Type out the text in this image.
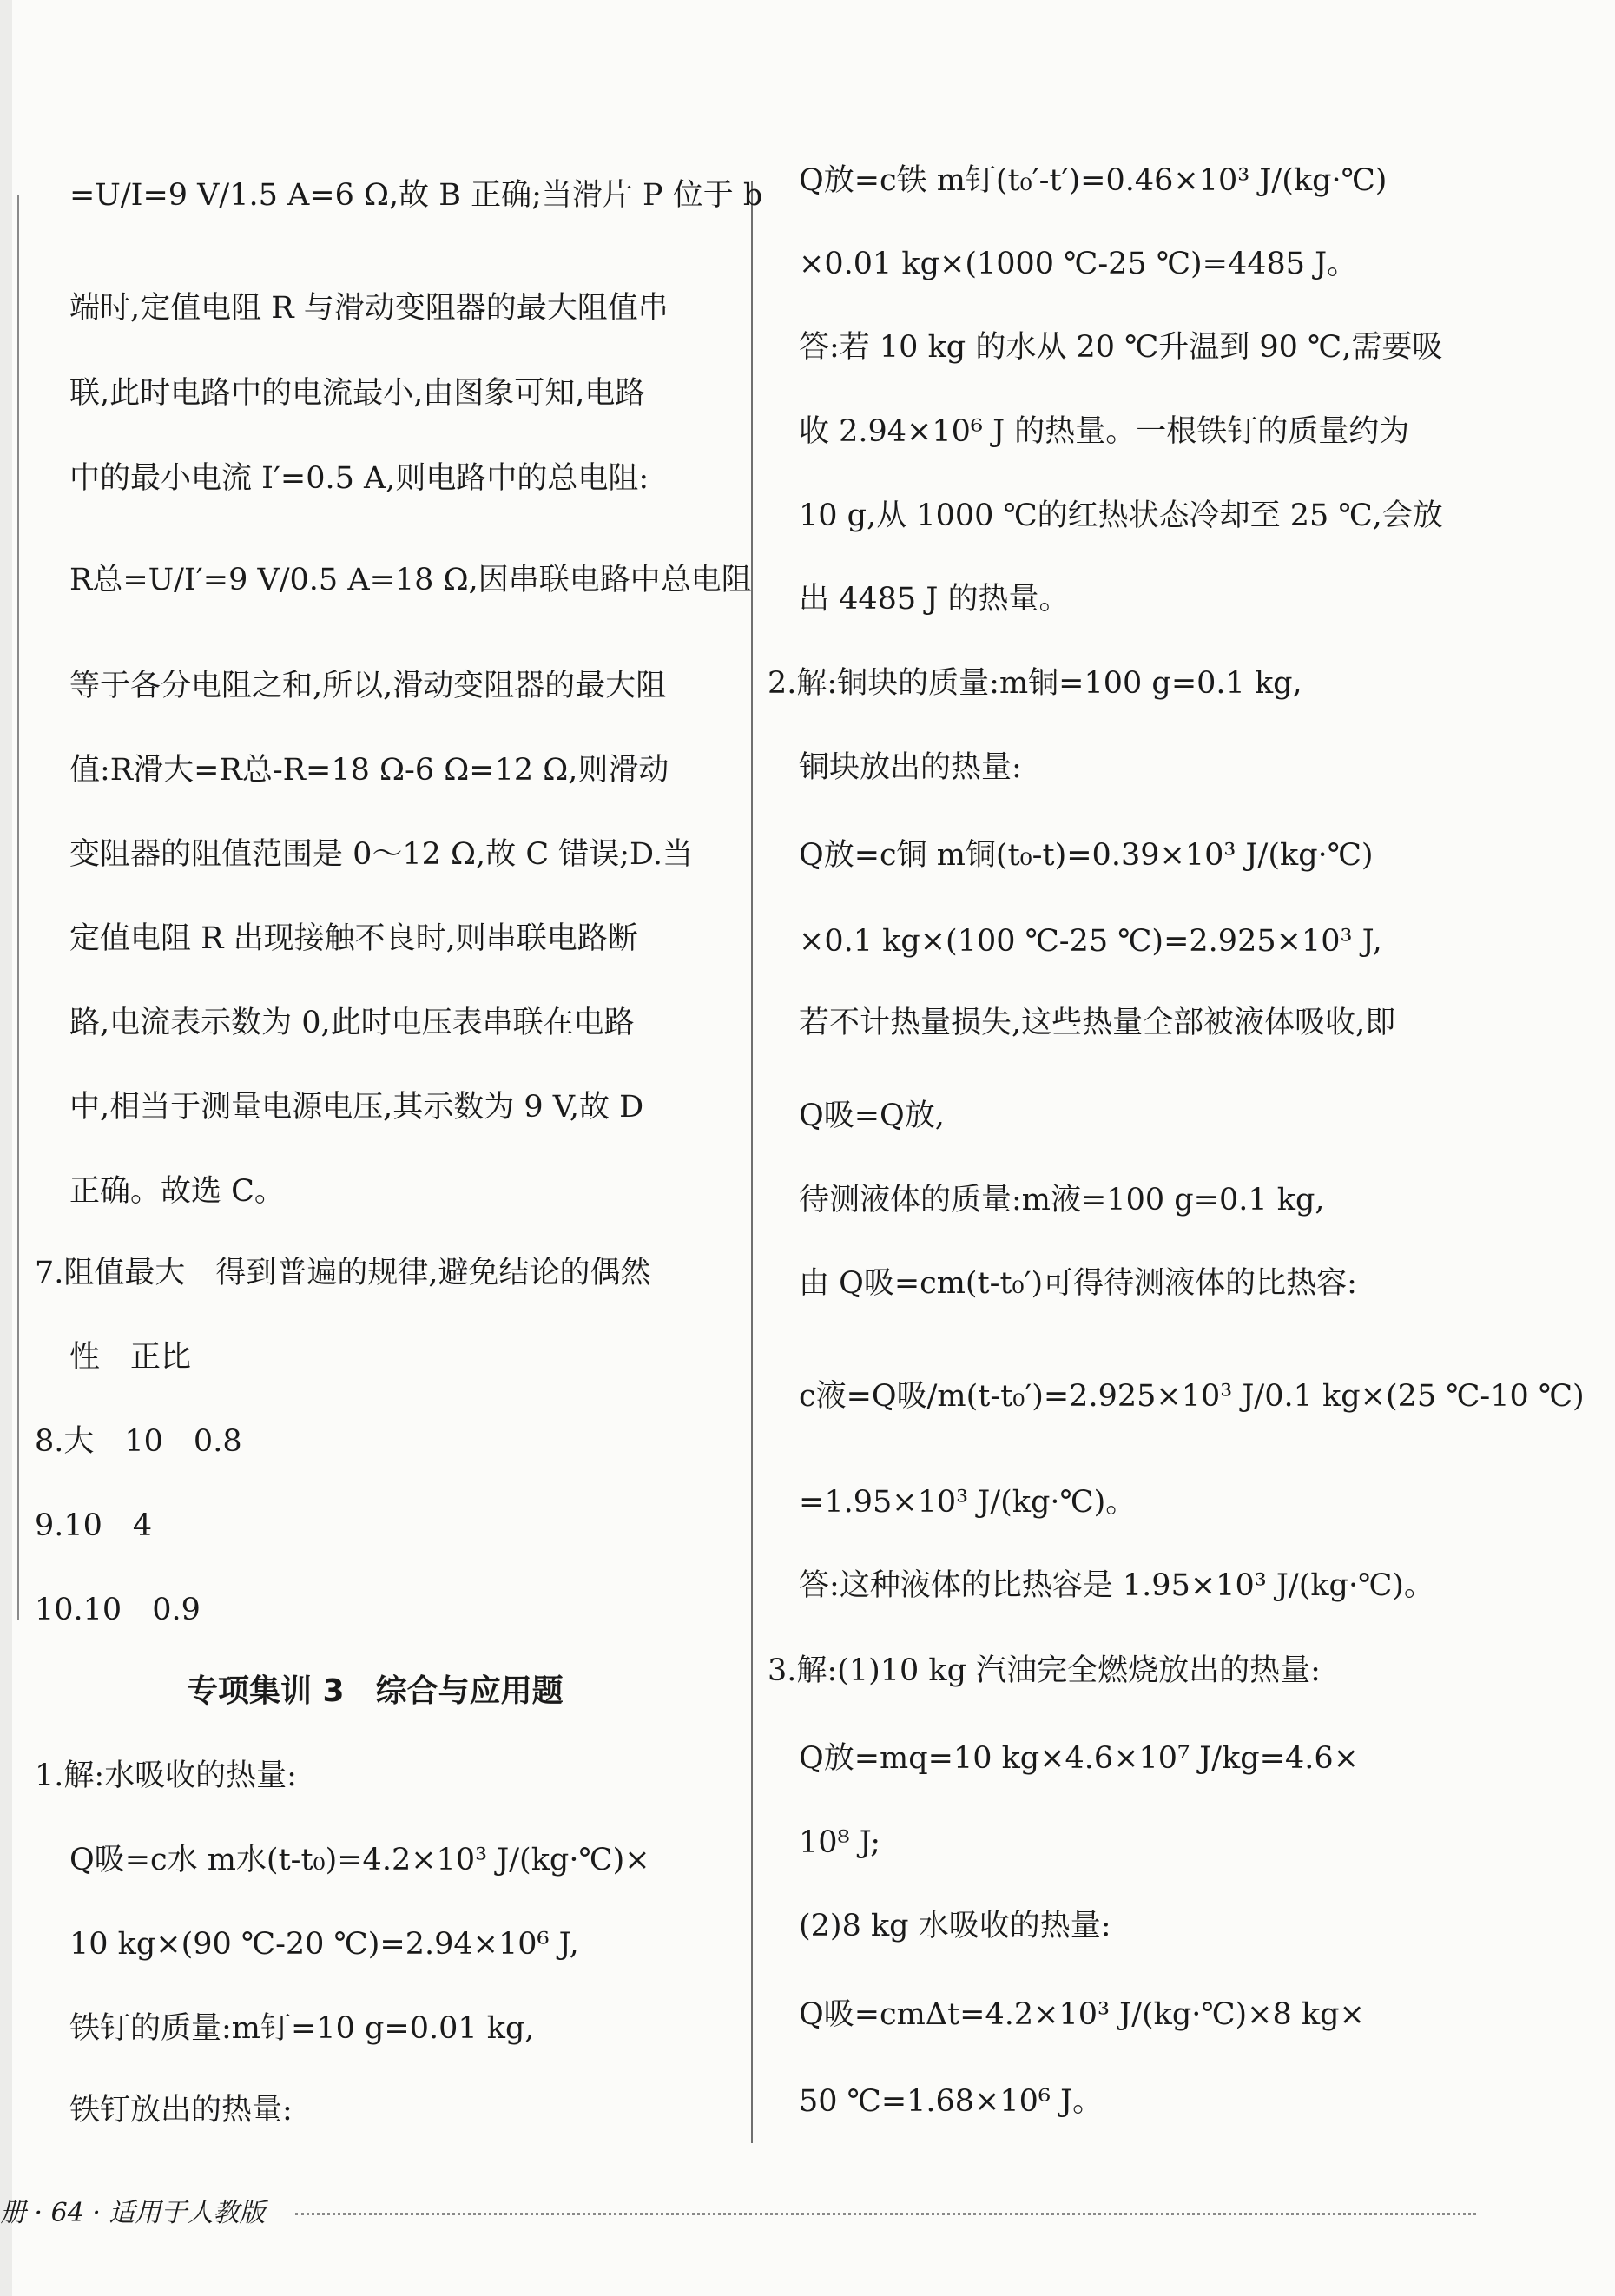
=U/I=9 V/1.5 A=6 Ω,故 B 正确;当滑片 P 位于 b
端时,定值电阻 R 与滑动变阻器的最大阻值串
联,此时电路中的电流最小,由图象可知,电路
中的最小电流 I′=0.5 A,则电路中的总电阻:
R总=U/I′=9 V/0.5 A=18 Ω,因串联电路中总电阻
等于各分电阻之和,所以,滑动变阻器的最大阻
值:R滑大=R总-R=18 Ω-6 Ω=12 Ω,则滑动
变阻器的阻值范围是 0～12 Ω,故 C 错误;D.当
定值电阻 R 出现接触不良时,则串联电路断
路,电流表示数为 0,此时电压表串联在电路
中,相当于测量电源电压,其示数为 9 V,故 D
正确。故选 C。
7.阻值最大　得到普遍的规律,避免结论的偶然
性　正比
8.大　10　0.8
9.10　4
10.10　0.9
专项集训 3　综合与应用题
1.解:水吸收的热量:
Q吸=c水 m水(t-t₀)=4.2×10³ J/(kg·℃)×
10 kg×(90 ℃-20 ℃)=2.94×10⁶ J,
铁钉的质量:m钉=10 g=0.01 kg,
铁钉放出的热量:
Q放=c铁 m钉(t₀′-t′)=0.46×10³ J/(kg·℃)
×0.01 kg×(1000 ℃-25 ℃)=4485 J。
答:若 10 kg 的水从 20 ℃升温到 90 ℃,需要吸
收 2.94×10⁶ J 的热量。一根铁钉的质量约为
10 g,从 1000 ℃的红热状态冷却至 25 ℃,会放
出 4485 J 的热量。
2.解:铜块的质量:m铜=100 g=0.1 kg,
铜块放出的热量:
Q放=c铜 m铜(t₀-t)=0.39×10³ J/(kg·℃)
×0.1 kg×(100 ℃-25 ℃)=2.925×10³ J,
若不计热量损失,这些热量全部被液体吸收,即
Q吸=Q放,
待测液体的质量:m液=100 g=0.1 kg,
由 Q吸=cm(t-t₀′)可得待测液体的比热容:
c液=Q吸/m(t-t₀′)=2.925×10³ J/0.1 kg×(25 ℃-10 ℃)
=1.95×10³ J/(kg·℃)。
答:这种液体的比热容是 1.95×10³ J/(kg·℃)。
3.解:(1)10 kg 汽油完全燃烧放出的热量:
Q放=mq=10 kg×4.6×10⁷ J/kg=4.6×
10⁸ J;
(2)8 kg 水吸收的热量:
Q吸=cmΔt=4.2×10³ J/(kg·℃)×8 kg×
50 ℃=1.68×10⁶ J。
册 · 64 · 适用于人教版
